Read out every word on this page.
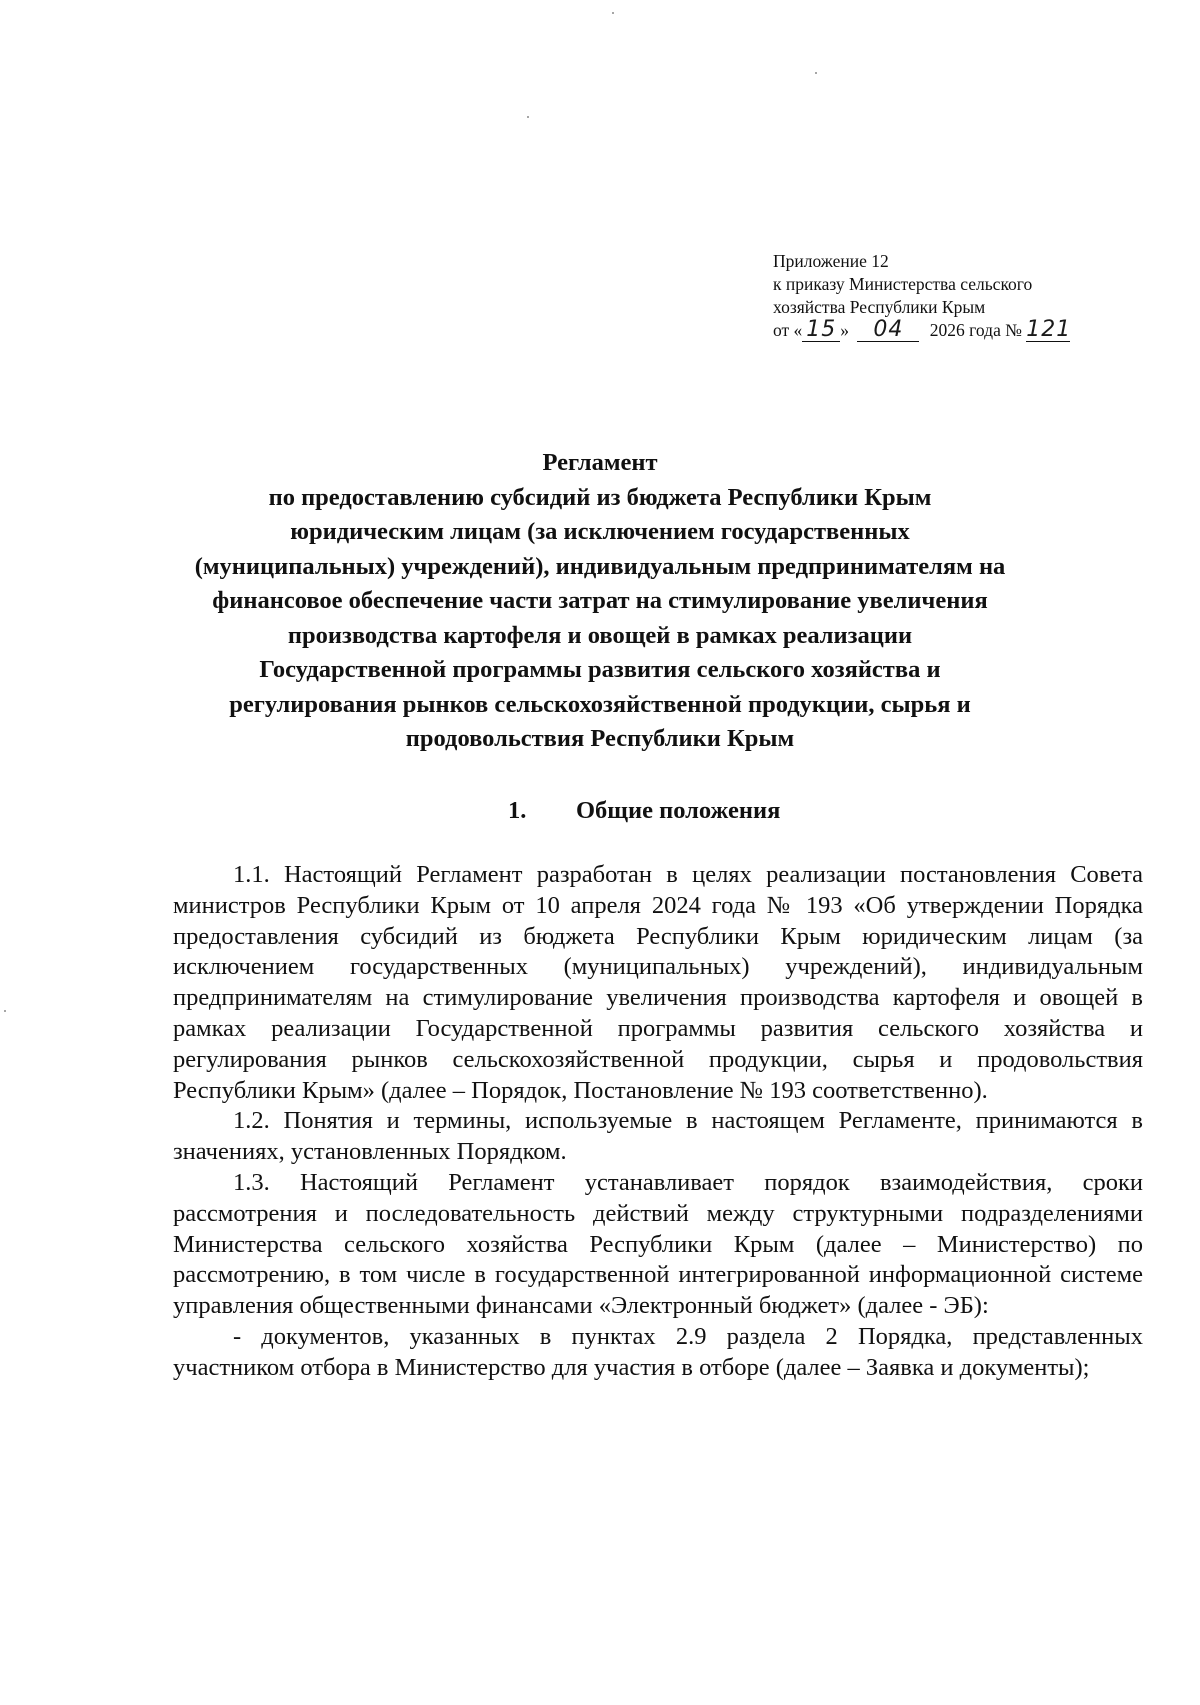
Приложение 12
к приказу Министерства сельского
хозяйства Республики Крым
от « 15 » 04 2026 года № 121
Регламент
по предоставлению субсидий из бюджета Республики Крым
юридическим лицам (за исключением государственных
(муниципальных) учреждений), индивидуальным предпринимателям на
финансовое обеспечение части затрат на стимулирование увеличения
производства картофеля и овощей в рамках реализации
Государственной программы развития сельского хозяйства и
регулирования рынков сельскохозяйственной продукции, сырья и
продовольствия Республики Крым
1. Общие положения

1.1. Настоящий Регламент разработан в целях реализации постановления Совета министров Республики Крым от 10 апреля 2024 года № 193 «Об утверждении Порядка предоставления субсидий из бюджета Республики Крым юридическим лицам (за исключением государственных (муниципальных) учреждений), индивидуальным предпринимателям на стимулирование увеличения производства картофеля и овощей в рамках реализации Государственной программы развития сельского хозяйства и регулирования рынков сельскохозяйственной продукции, сырья и продовольствия Республики Крым» (далее – Порядок, Постановление № 193 соответственно).

1.2. Понятия и термины, используемые в настоящем Регламенте, принимаются в значениях, установленных Порядком.

1.3. Настоящий Регламент устанавливает порядок взаимодействия, сроки рассмотрения и последовательность действий между структурными подразделениями Министерства сельского хозяйства Республики Крым (далее – Министерство) по рассмотрению, в том числе в государственной интегрированной информационной системе управления общественными финансами «Электронный бюджет» (далее - ЭБ):

- документов, указанных в пунктах 2.9 раздела 2 Порядка, представленных участником отбора в Министерство для участия в отборе (далее – Заявка и документы);
